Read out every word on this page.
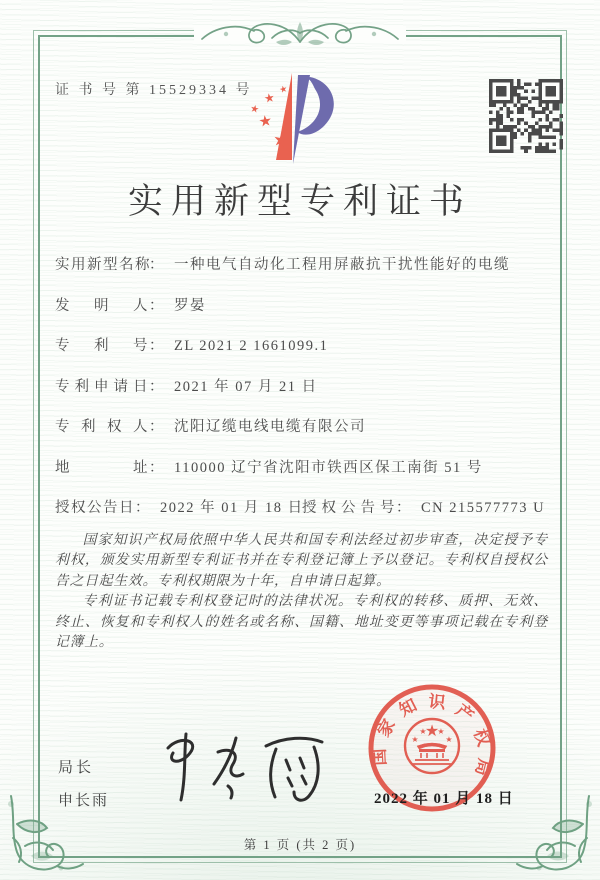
证 书 号 第 15529334 号	★
★
★
★
★
实用新型专利证书
实用新型名称
： 一种电气自动化工程用屏蔽抗干扰性能好的电缆
发明人 ： 罗晏
专利号 ： ZL 2021 2 1661099.1
专利申请日 ： 2021 年 07 月 21 日
专利权人 ： 沈阳辽缆电线电缆有限公司
地址 ： 110000 辽宁省沈阳市铁西区保工南街 51 号
授权公告日 ： 2022 年 01 月 18 日
授权公告号 ： CN 215577773 U

国家知识产权局依照中华人民共和国专利法经过初步审查，决定授予专利权，颁发实用新型专利证书并在专利登记簿上予以登记。专利权自授权公告之日起生效。专利权期限为十年，自申请日起算。

专利证书记载专利权登记时的法律状况。专利权的转移、质押、无效、终止、恢复和专利权人的姓名或名称、国籍、地址变更等事项记载在专利登记簿上。

局长
申长雨
国家知识产权局
★
★
★ ★
★
2022 年 01 月 18 日
第 1 页 (共 2 页)
